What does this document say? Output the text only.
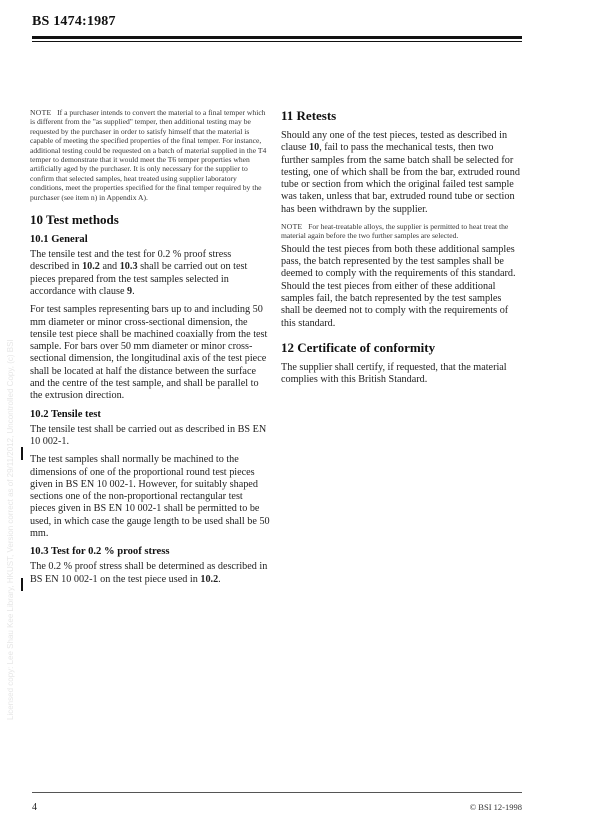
BS 1474:1987
Licensed copy: Lee Shau Kee Library, HKUST, Version correct as of 29/11/2012, Uncontrolled Copy, (c) BSI

NOTE If a purchaser intends to convert the material to a final temper which is different from the "as supplied" temper, then additional testing may be requested by the purchaser in order to satisfy himself that the material is capable of meeting the specified properties of the final temper. For instance, additional testing could be requested on a batch of material supplied in the T4 temper to demonstrate that it would meet the T6 temper properties when artificially aged by the purchaser. It is only necessary for the supplier to confirm that selected samples, heat treated using supplier laboratory conditions, meet the properties specified for the final temper required by the purchaser (see item n) in Appendix A).

10 Test methods
10.1 General

The tensile test and the test for 0.2 % proof stress described in 10.2 and 10.3 shall be carried out on test pieces prepared from the test samples selected in accordance with clause 9.

For test samples representing bars up to and including 50 mm diameter or minor cross-sectional dimension, the tensile test piece shall be machined coaxially from the test sample. For bars over 50 mm diameter or minor cross-sectional dimension, the longitudinal axis of the test piece shall be located at half the distance between the surface and the centre of the test sample, and shall be parallel to the extrusion direction.

10.2 Tensile test

The tensile test shall be carried out as described in BS EN 10 002-1.

The test samples shall normally be machined to the dimensions of one of the proportional round test pieces given in BS EN 10 002-1. However, for suitably shaped sections one of the non-proportional rectangular test pieces given in BS EN 10 002-1 shall be permitted to be used, in which case the gauge length to be used shall be 50 mm.

10.3 Test for 0.2 % proof stress

The 0.2 % proof stress shall be determined as described in BS EN 10 002-1 on the test piece used in 10.2.

11 Retests

Should any one of the test pieces, tested as described in clause 10, fail to pass the mechanical tests, then two further samples from the same batch shall be selected for testing, one of which shall be from the bar, extruded round tube or section from which the original failed test sample was taken, unless that bar, extruded round tube or section has been withdrawn by the supplier.

NOTE For heat-treatable alloys, the supplier is permitted to heat treat the material again before the two further samples are selected.

Should the test pieces from both these additional samples pass, the batch represented by the test samples shall be deemed to comply with the requirements of this standard. Should the test pieces from either of these additional samples fail, the batch represented by the test samples shall be deemed not to comply with the requirements of this standard.

12 Certificate of conformity

The supplier shall certify, if requested, that the material complies with this British Standard.

4	© BSI 12-1998
